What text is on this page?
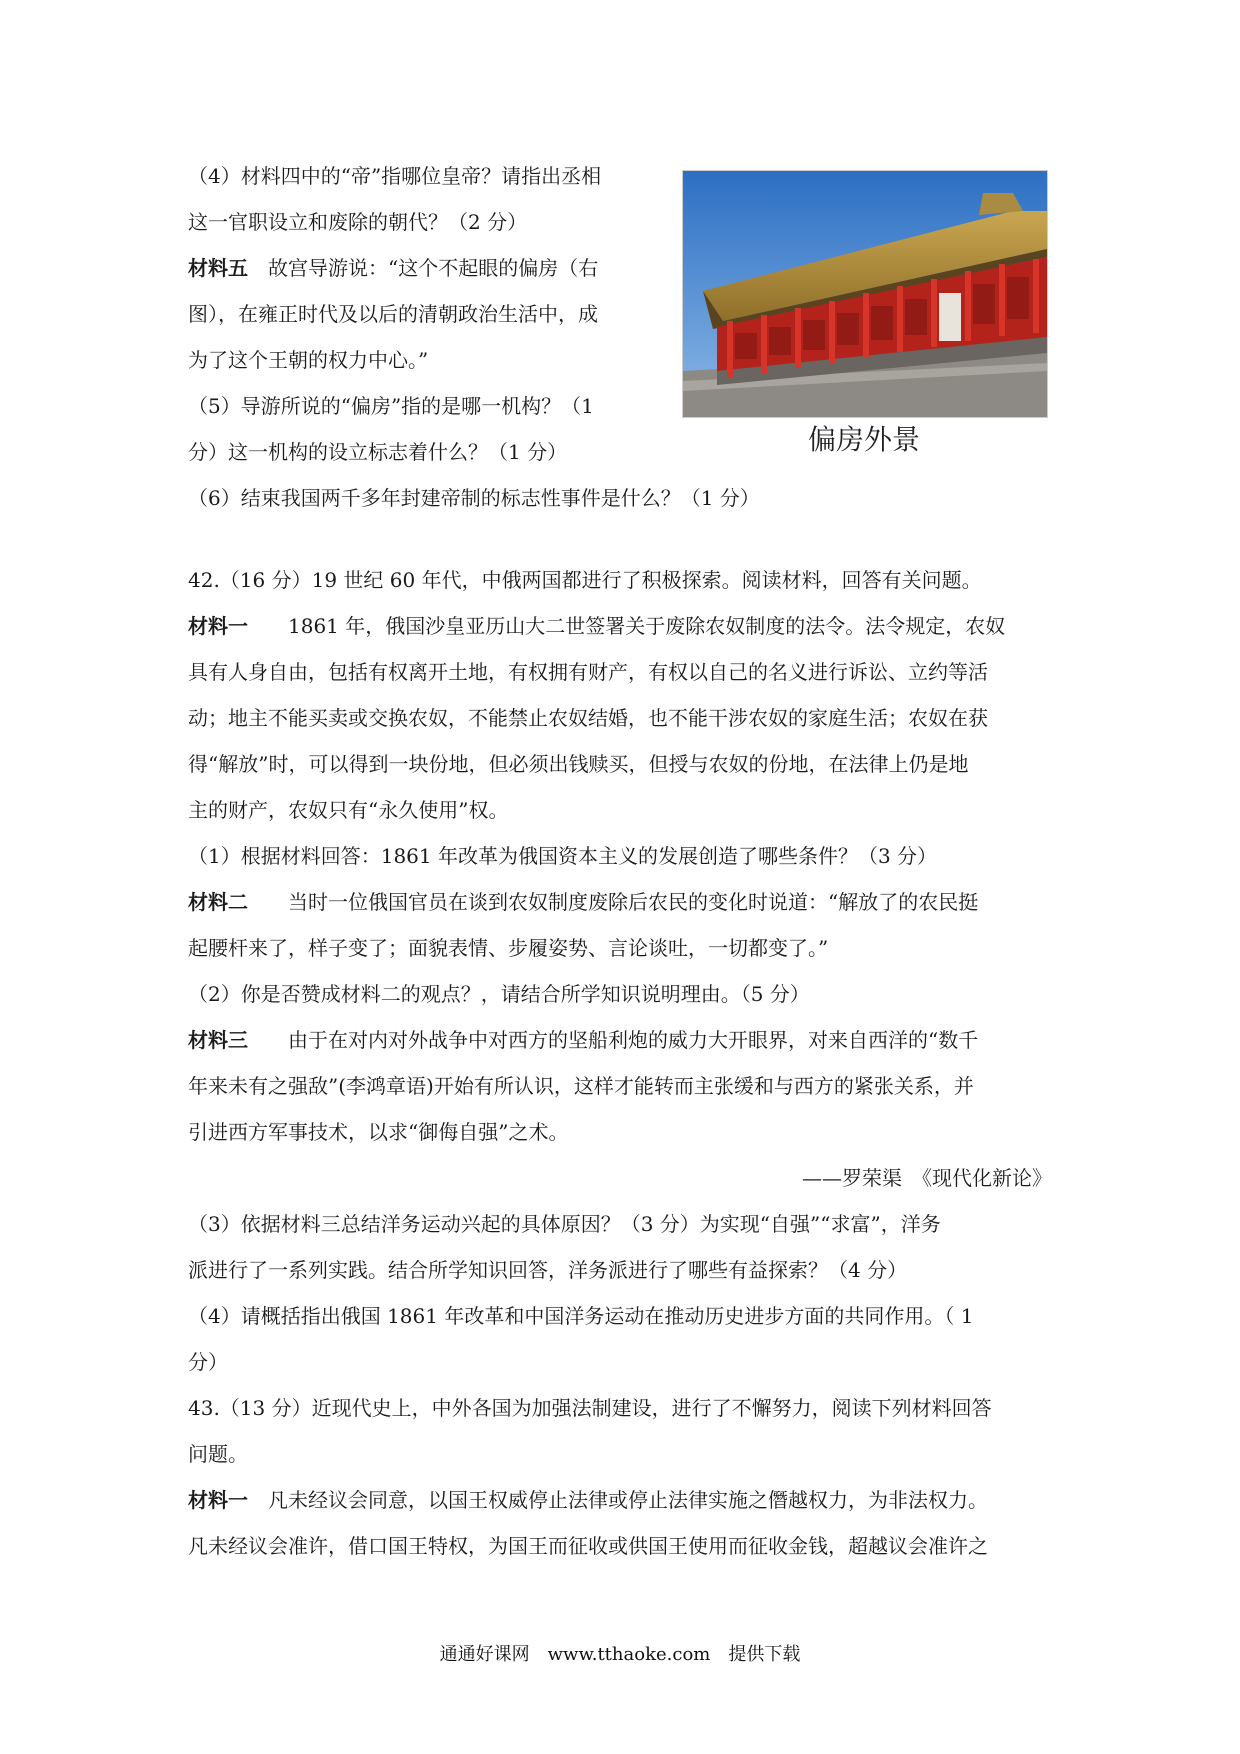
（4）材料四中的“帝”指哪位皇帝？请指出丞相

这一官职设立和废除的朝代？（2 分）

材料五　 故宫导游说：“这个不起眼的偏房（右

图），在雍正时代及以后的清朝政治生活中，成

为了这个王朝的权力中心。”

（5）导游所说的“偏房”指的是哪一机构？（1

分）这一机构的设立标志着什么？（1 分）

（6）结束我国两千多年封建帝制的标志性事件是什么？（1 分）

偏房外景

42.（16 分）19 世纪 60 年代，中俄两国都进行了积极探索。阅读材料，回答有关问题。

材料一　　 1861 年，俄国沙皇亚历山大二世签署关于废除农奴制度的法令。法令规定，农奴

具有人身自由，包括有权离开土地，有权拥有财产，有权以自己的名义进行诉讼、立约等活

动；地主不能买卖或交换农奴，不能禁止农奴结婚，也不能干涉农奴的家庭生活；农奴在获

得“解放”时，可以得到一块份地，但必须出钱赎买，但授与农奴的份地，在法律上仍是地

主的财产，农奴只有“永久使用”权。

（1）根据材料回答：1861 年改革为俄国资本主义的发展创造了哪些条件？（3 分）

材料二　　 当时一位俄国官员在谈到农奴制度废除后农民的变化时说道：“解放了的农民挺

起腰杆来了，样子变了；面貌表情、步履姿势、言论谈吐，一切都变了。”

（2）你是否赞成材料二的观点？，请结合所学知识说明理由。（5 分）

材料三　　 由于在对内对外战争中对西方的坚船利炮的威力大开眼界，对来自西洋的“数千

年来未有之强敌”(李鸿章语)开始有所认识，这样才能转而主张缓和与西方的紧张关系，并

引进西方军事技术，以求“御侮自强”之术。

——罗荣渠　《现代化新论》

（3）依据材料三总结洋务运动兴起的具体原因？（3 分）为实现“自强”“求富”，洋务

派进行了一系列实践。结合所学知识回答，洋务派进行了哪些有益探索？（4 分）

（4）请概括指出俄国 1861 年改革和中国洋务运动在推动历史进步方面的共同作用。（ 1

分）

43.（13 分）近现代史上，中外各国为加强法制建设，进行了不懈努力，阅读下列材料回答

问题。

材料一　 凡未经议会同意，以国王权威停止法律或停止法律实施之僭越权力，为非法权力。

凡未经议会准许，借口国王特权，为国王而征收或供国王使用而征收金钱，超越议会准许之

通通好课网　www.tthaoke.com　提供下载
